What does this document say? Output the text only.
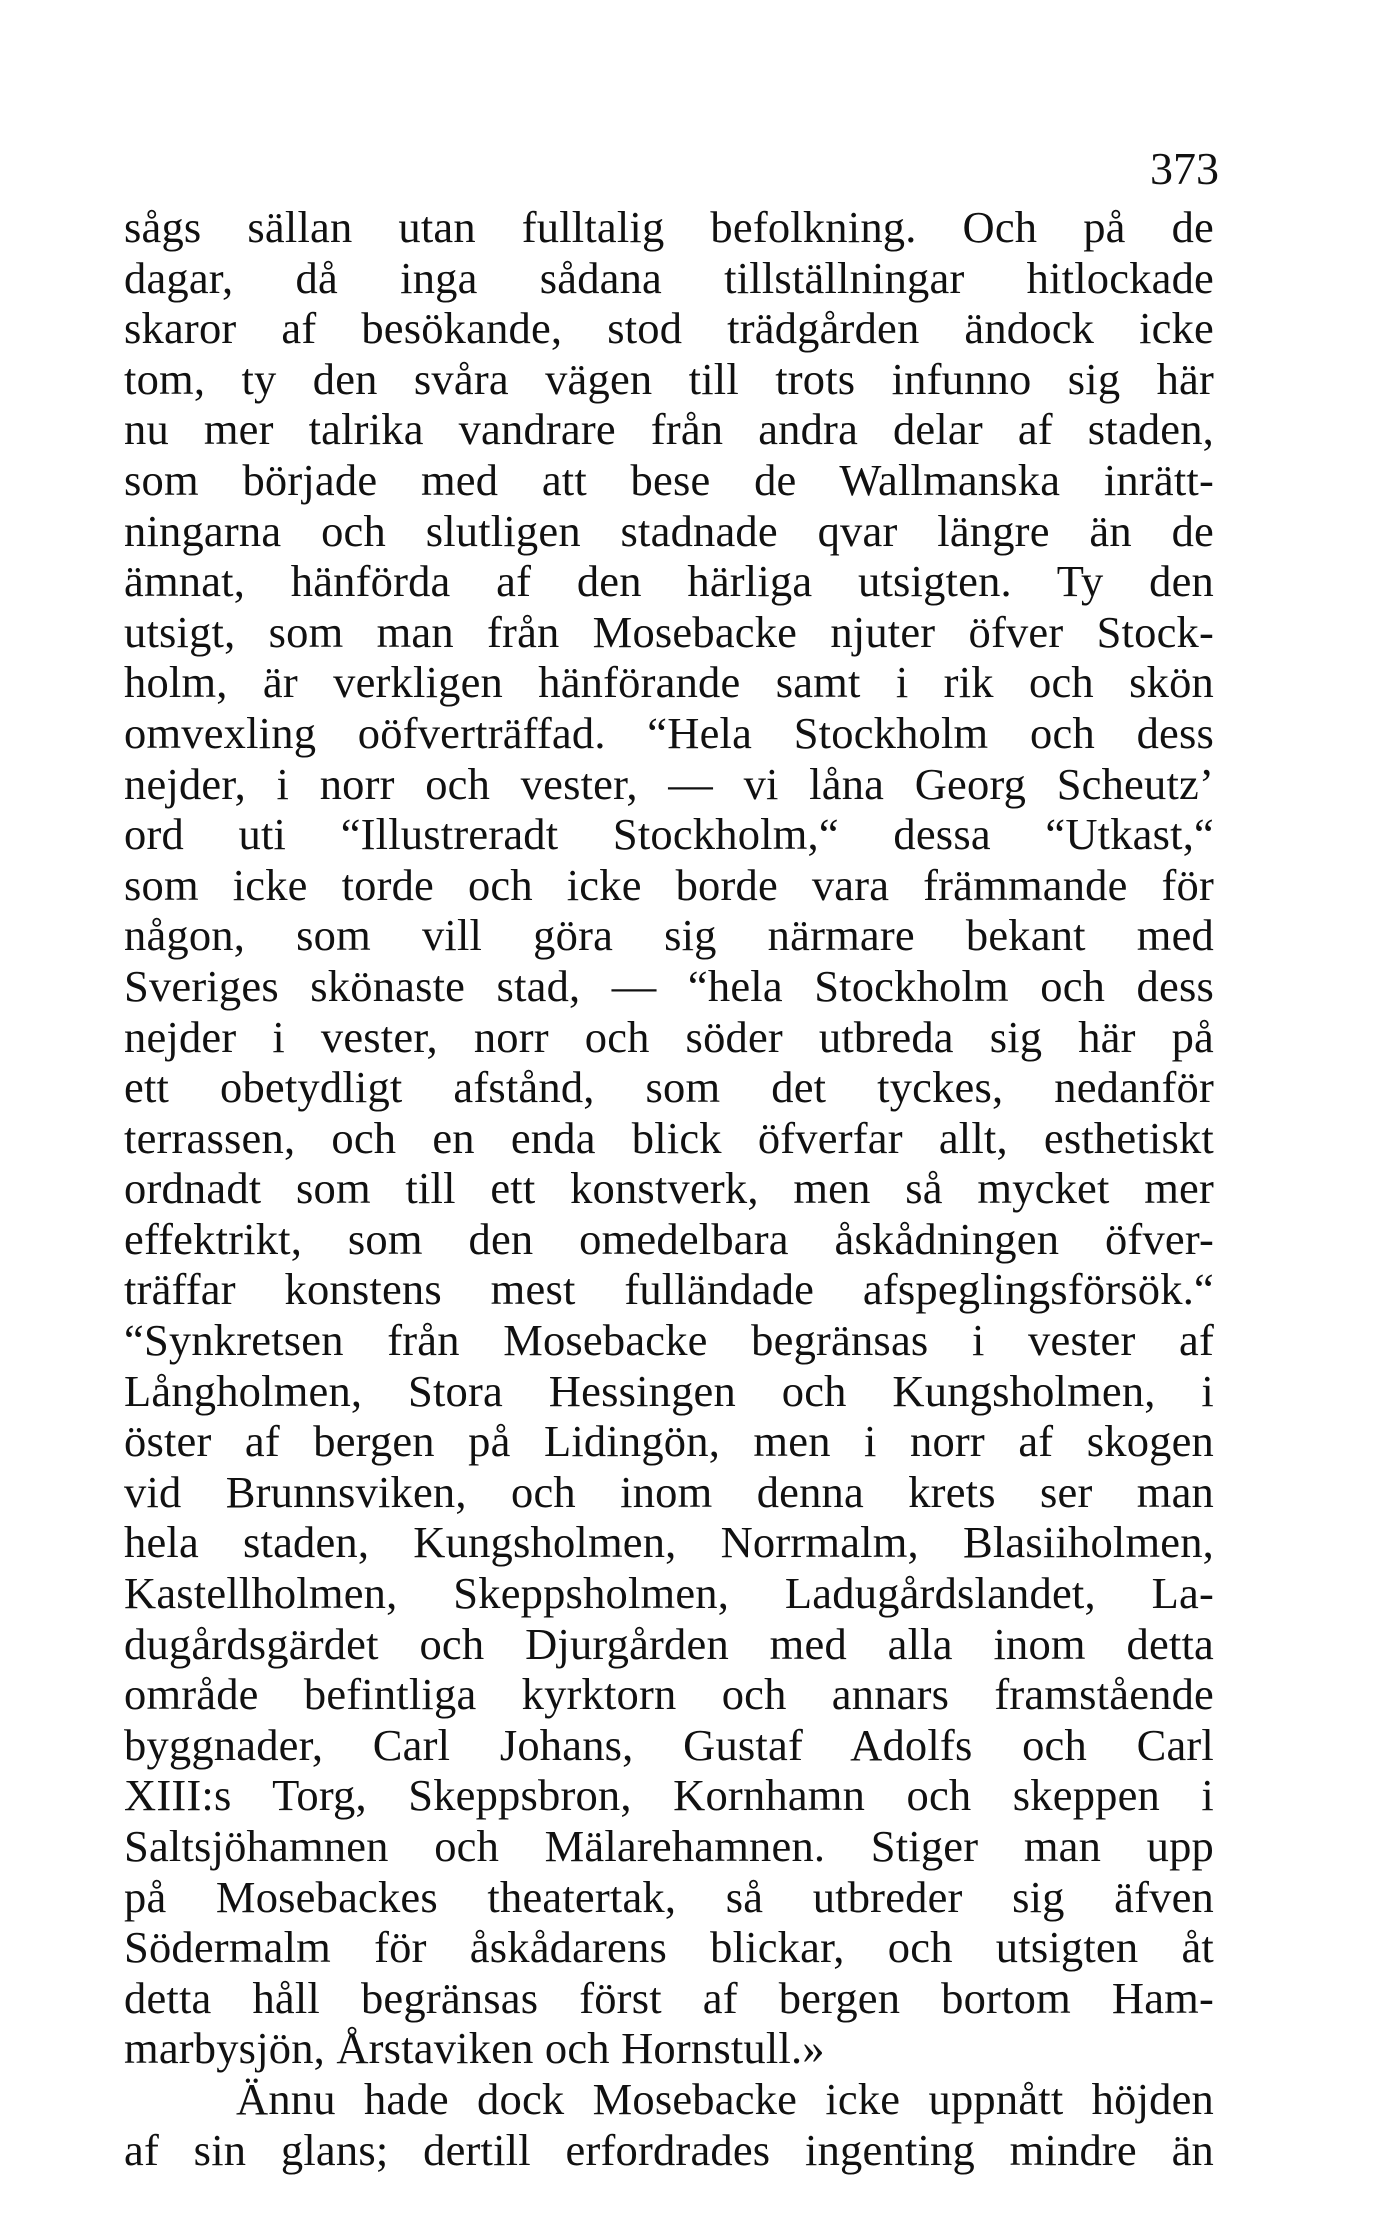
373
sågs sällan utan fulltalig befolkning. Och på de
dagar, då inga sådana tillställningar hitlockade
skaror af besökande, stod trädgården ändock icke
tom, ty den svåra vägen till trots infunno sig här
nu mer talrika vandrare från andra delar af staden,
som började med att bese de Wallmanska inrätt-
ningarna och slutligen stadnade qvar längre än de
ämnat, hänförda af den härliga utsigten. Ty den
utsigt, som man från Mosebacke njuter öfver Stock-
holm, är verkligen hänförande samt i rik och skön
omvexling oöfverträffad. “Hela Stockholm och dess
nejder, i norr och vester, — vi låna Georg Scheutz’
ord uti “Illustreradt Stockholm,“ dessa “Utkast,“
som icke torde och icke borde vara främmande för
någon, som vill göra sig närmare bekant med
Sveriges skönaste stad, — “hela Stockholm och dess
nejder i vester, norr och söder utbreda sig här på
ett obetydligt afstånd, som det tyckes, nedanför
terrassen, och en enda blick öfverfar allt, esthetiskt
ordnadt som till ett konstverk, men så mycket mer
effektrikt, som den omedelbara åskådningen öfver-
träffar konstens mest fulländade afspeglingsförsök.“
“Synkretsen från Mosebacke begränsas i vester af
Långholmen, Stora Hessingen och Kungsholmen, i
öster af bergen på Lidingön, men i norr af skogen
vid Brunnsviken, och inom denna krets ser man
hela staden, Kungsholmen, Norrmalm, Blasiiholmen,
Kastellholmen, Skeppsholmen, Ladugårdslandet, La-
dugårdsgärdet och Djurgården med alla inom detta
område befintliga kyrktorn och annars framstående
byggnader, Carl Johans, Gustaf Adolfs och Carl
XIII:s Torg, Skeppsbron, Kornhamn och skeppen i
Saltsjöhamnen och Mälarehamnen. Stiger man upp
på Mosebackes theatertak, så utbreder sig äfven
Södermalm för åskådarens blickar, och utsigten åt
detta håll begränsas först af bergen bortom Ham-
marbysjön, Årstaviken och Hornstull.»
Ännu hade dock Mosebacke icke uppnått höjden
af sin glans; dertill erfordrades ingenting mindre än
